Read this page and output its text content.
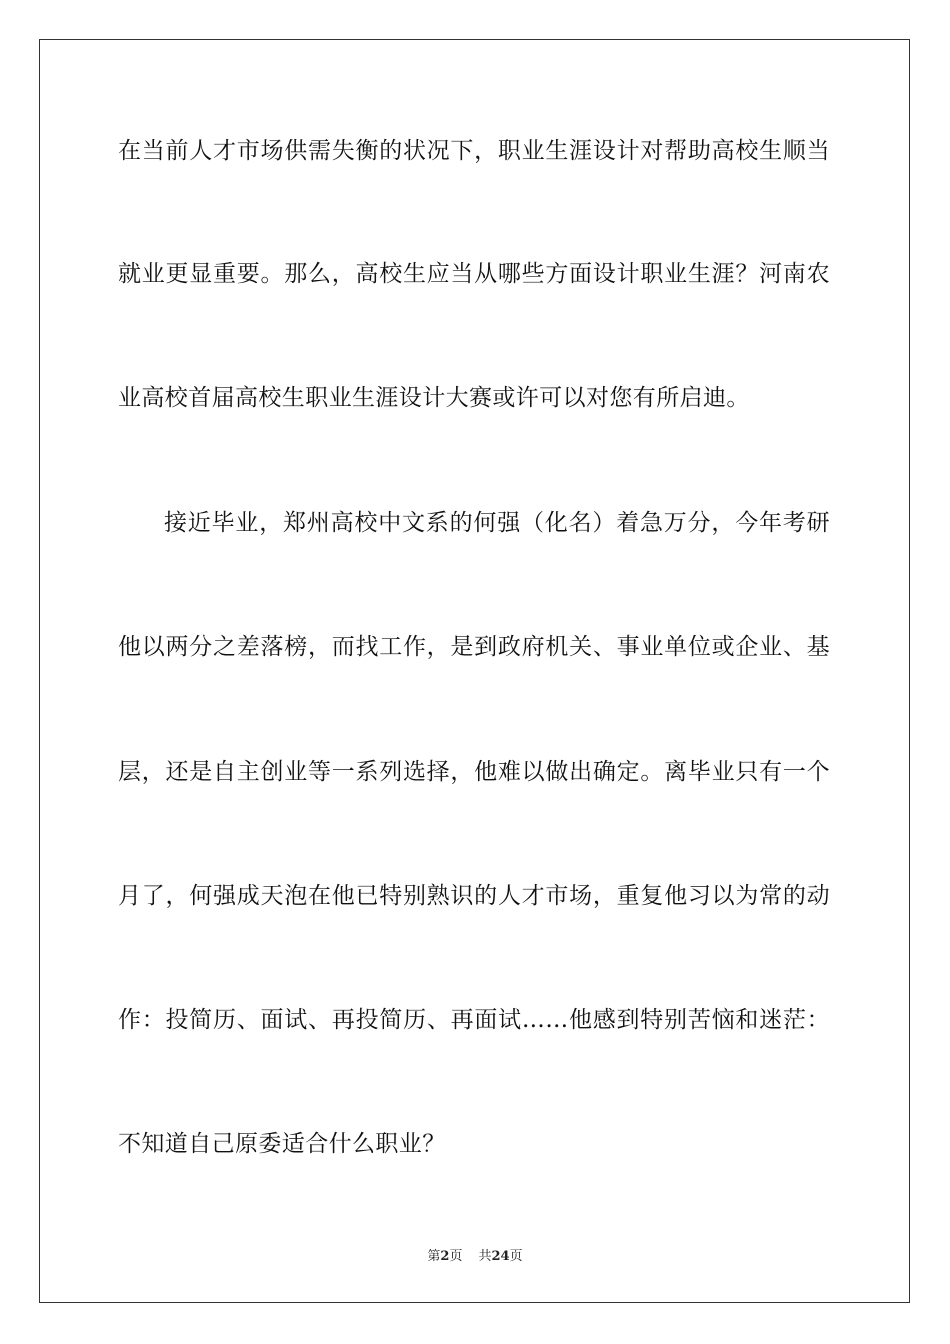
在当前人才市场供需失衡的状况下，职业生涯设计对帮助高校生顺当
就业更显重要。那么，高校生应当从哪些方面设计职业生涯？河南农
业高校首届高校生职业生涯设计大赛或许可以对您有所启迪。
接近毕业，郑州高校中文系的何强（化名）着急万分，今年考研
他以两分之差落榜，而找工作，是到政府机关、事业单位或企业、基
层，还是自主创业等一系列选择，他难以做出确定。离毕业只有一个
月了，何强成天泡在他已特别熟识的人才市场，重复他习以为常的动
作：投简历、面试、再投简历、再面试……他感到特别苦恼和迷茫：
不知道自己原委适合什么职业？
第2页 共24页
